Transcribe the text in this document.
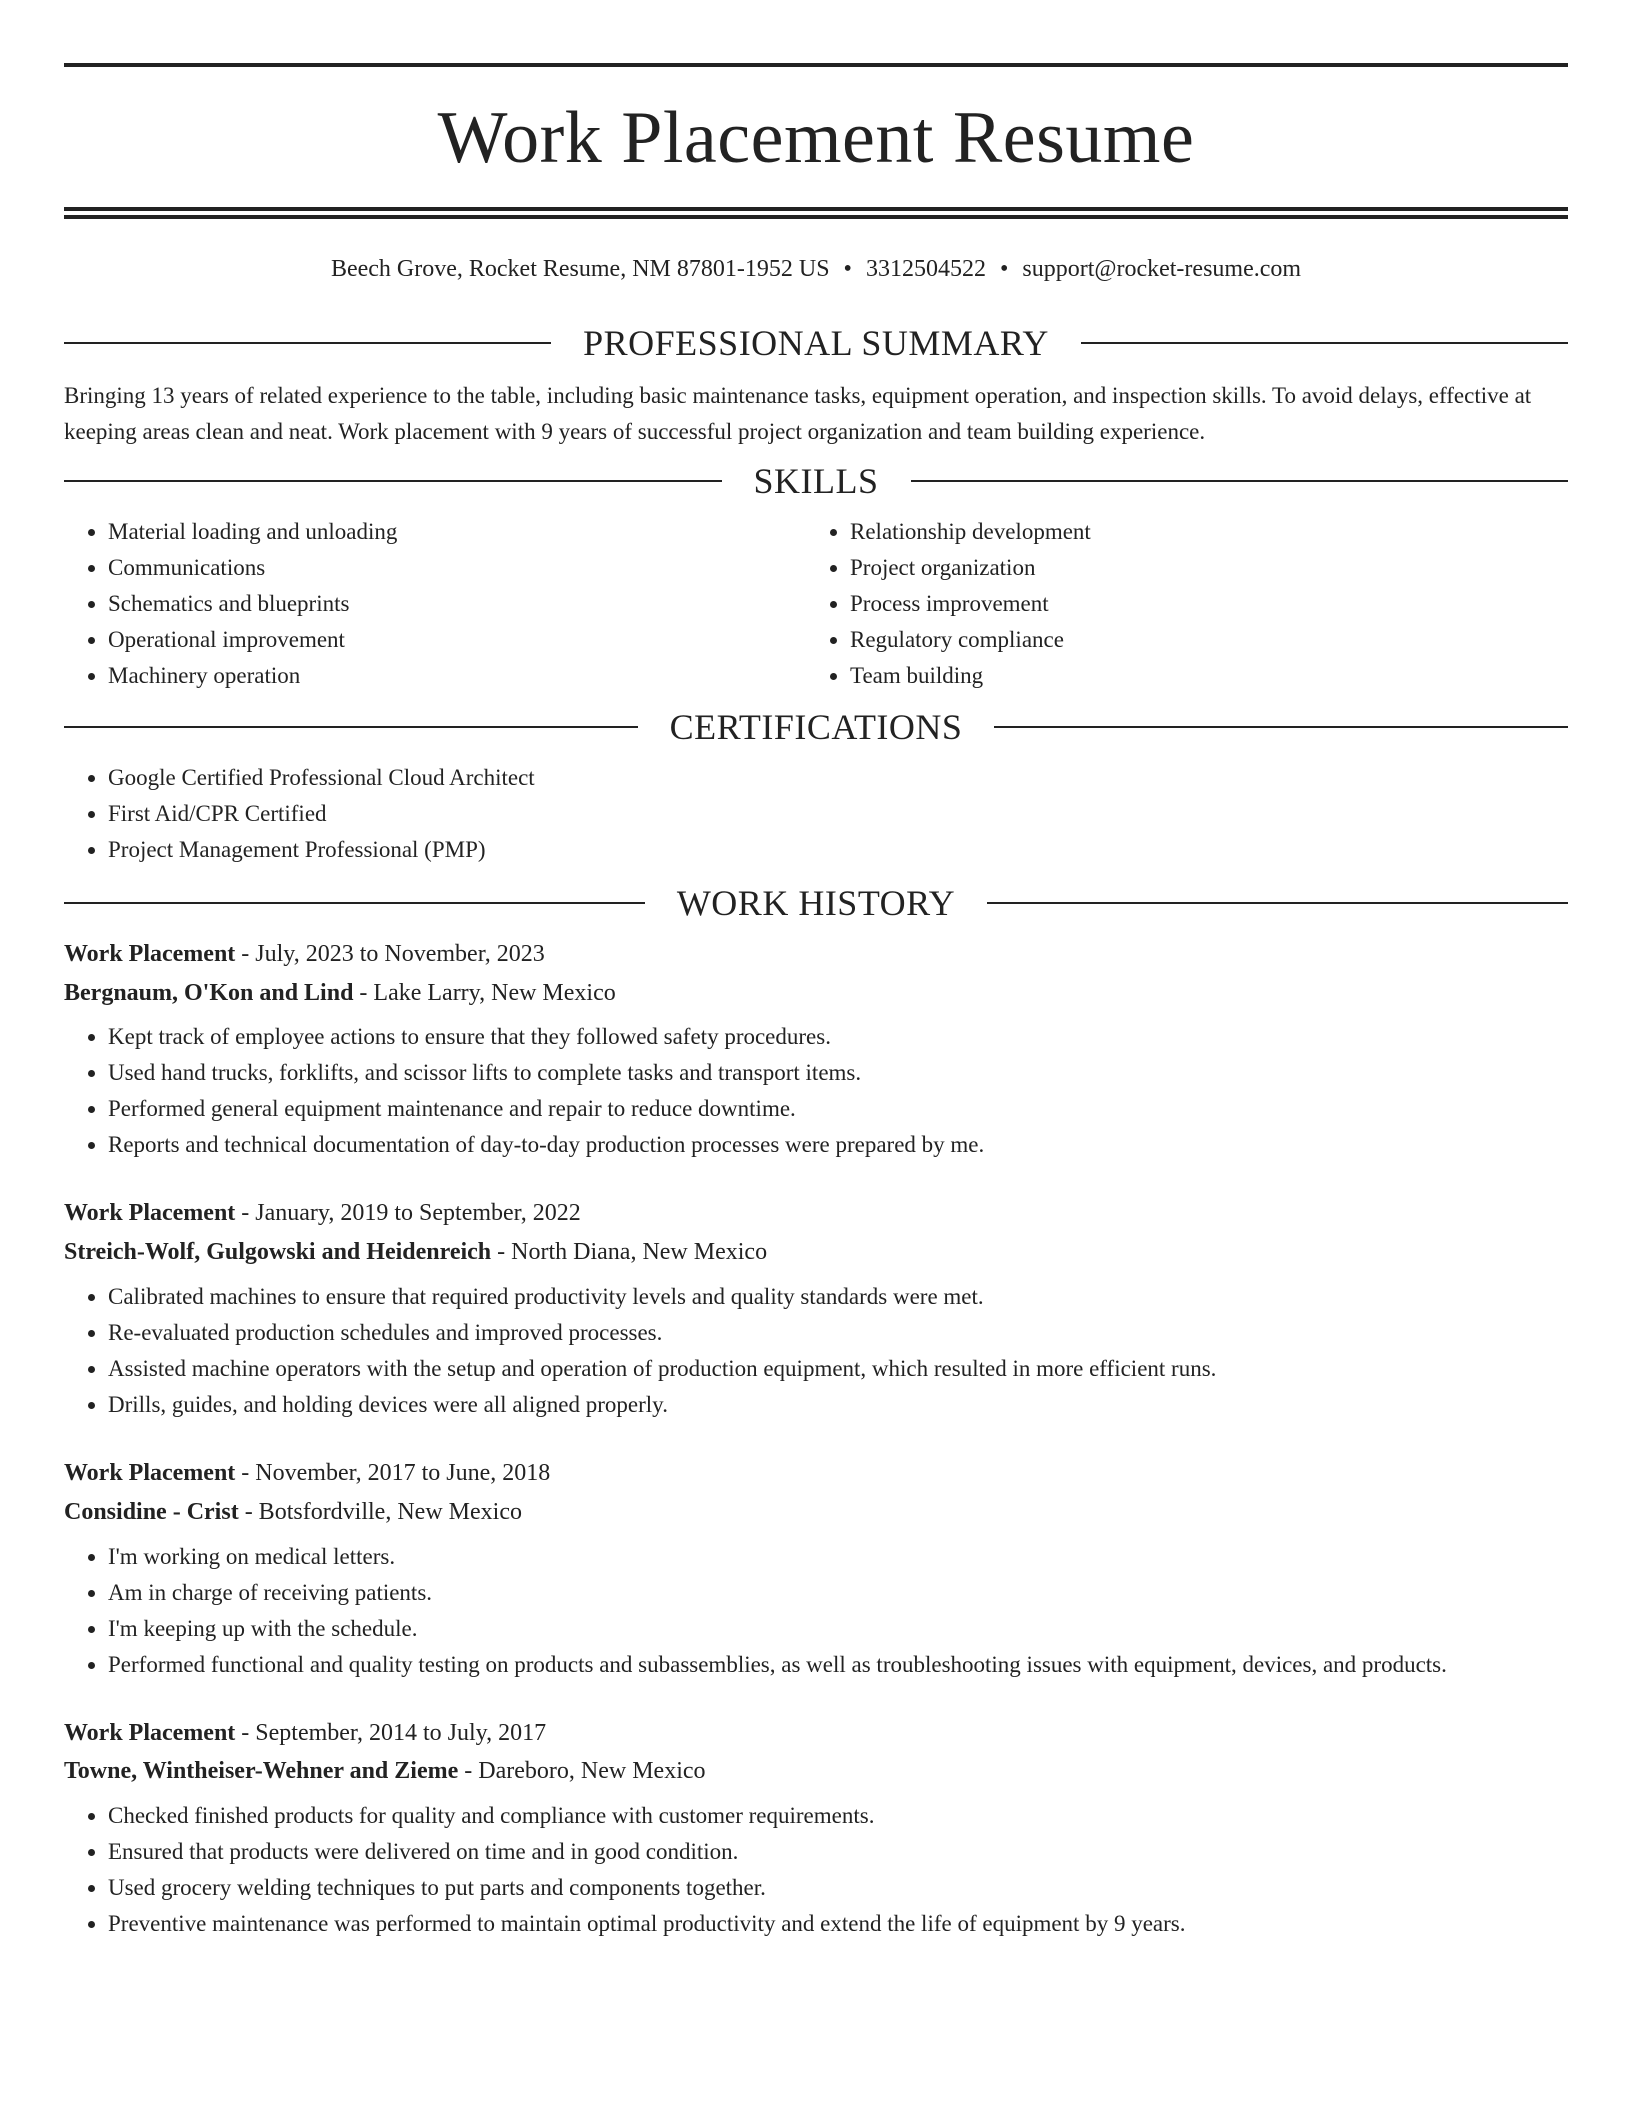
Work Placement Resume
Beech Grove, Rocket Resume, NM 87801-1952 US • 3312504522 • support@rocket-resume.com
PROFESSIONAL SUMMARY

Bringing 13 years of related experience to the table, including basic maintenance tasks, equipment operation, and inspection skills. To avoid delays, effective at keeping areas clean and neat. Work placement with 9 years of successful project organization and team building experience.

SKILLS
• Material loading and unloading
• Communications
• Schematics and blueprints
• Operational improvement
• Machinery operation
• Relationship development
• Project organization
• Process improvement
• Regulatory compliance
• Team building
CERTIFICATIONS
• Google Certified Professional Cloud Architect
• First Aid/CPR Certified
• Project Management Professional (PMP)
WORK HISTORY
Work Placement - July, 2023 to November, 2023
Bergnaum, O'Kon and Lind - Lake Larry, New Mexico
• Kept track of employee actions to ensure that they followed safety procedures.
• Used hand trucks, forklifts, and scissor lifts to complete tasks and transport items.
• Performed general equipment maintenance and repair to reduce downtime.
• Reports and technical documentation of day-to-day production processes were prepared by me.
Work Placement - January, 2019 to September, 2022
Streich-Wolf, Gulgowski and Heidenreich - North Diana, New Mexico
• Calibrated machines to ensure that required productivity levels and quality standards were met.
• Re-evaluated production schedules and improved processes.
• Assisted machine operators with the setup and operation of production equipment, which resulted in more efficient runs.
• Drills, guides, and holding devices were all aligned properly.
Work Placement - November, 2017 to June, 2018
Considine - Crist - Botsfordville, New Mexico
• I'm working on medical letters.
• Am in charge of receiving patients.
• I'm keeping up with the schedule.
• Performed functional and quality testing on products and subassemblies, as well as troubleshooting issues with equipment, devices, and products.
Work Placement - September, 2014 to July, 2017
Towne, Wintheiser-Wehner and Zieme - Dareboro, New Mexico
• Checked finished products for quality and compliance with customer requirements.
• Ensured that products were delivered on time and in good condition.
• Used grocery welding techniques to put parts and components together.
• Preventive maintenance was performed to maintain optimal productivity and extend the life of equipment by 9 years.
